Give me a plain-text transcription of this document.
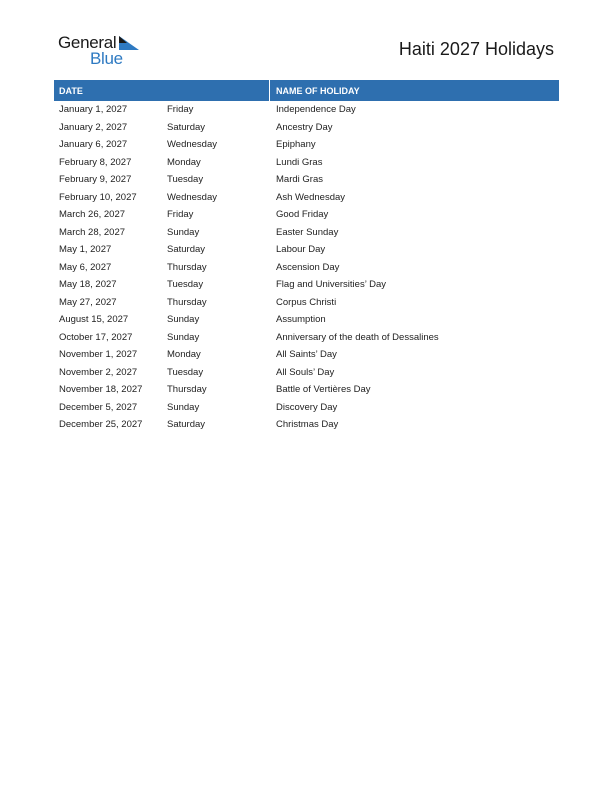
General
Blue	Haiti 2027 Holidays
DATE	NAME OF HOLIDAY
January 1, 2027	Friday	Independence Day
January 2, 2027	Saturday	Ancestry Day
January 6, 2027	Wednesday	Epiphany
February 8, 2027	Monday	Lundi Gras
February 9, 2027	Tuesday	Mardi Gras
February 10, 2027	Wednesday	Ash Wednesday
March 26, 2027	Friday	Good Friday
March 28, 2027	Sunday	Easter Sunday
May 1, 2027	Saturday	Labour Day
May 6, 2027	Thursday	Ascension Day
May 18, 2027	Tuesday	Flag and Universities’ Day
May 27, 2027	Thursday	Corpus Christi
August 15, 2027	Sunday	Assumption
October 17, 2027	Sunday	Anniversary of the death of Dessalines
November 1, 2027	Monday	All Saints’ Day
November 2, 2027	Tuesday	All Souls’ Day
November 18, 2027	Thursday	Battle of Vertières Day
December 5, 2027	Sunday	Discovery Day
December 25, 2027	Saturday	Christmas Day
